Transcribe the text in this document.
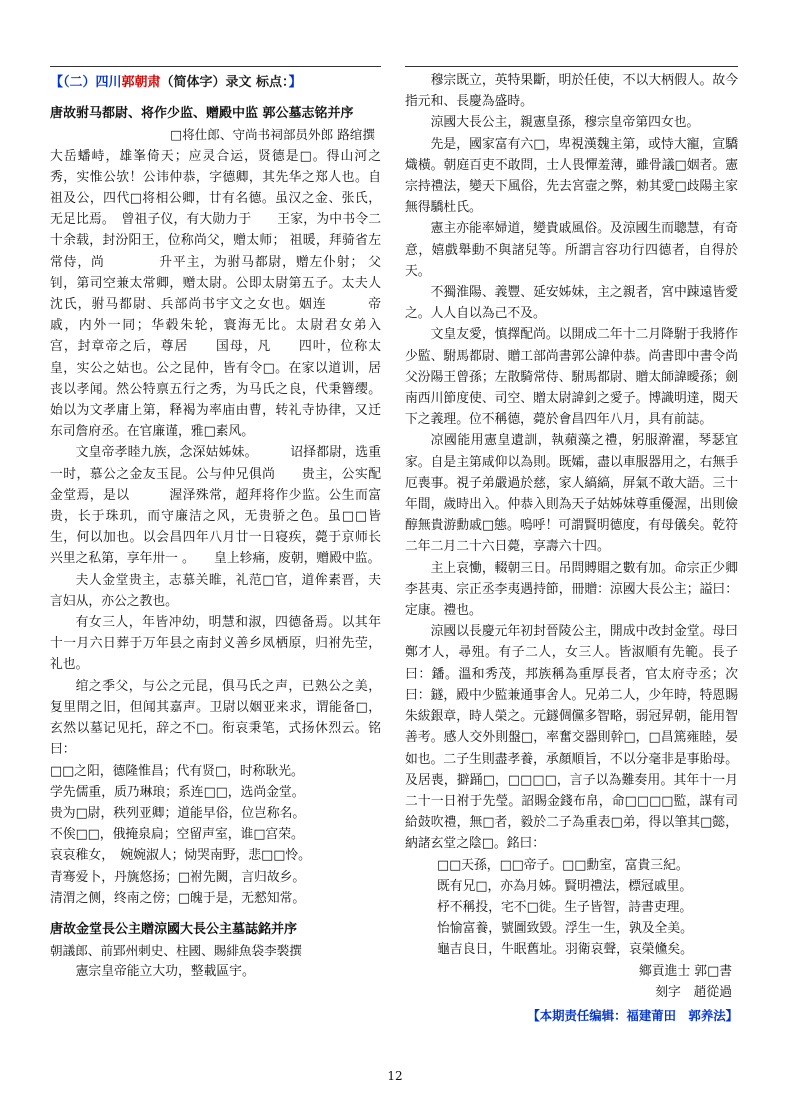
【（二）四川郭朝肃（简体字）录文 标点：】

唐故驸马都尉、将作少监、赠殿中监 郭公墓志铭并序

□将仕郎、守尚书祠部员外郎 路绾撰

大岳蟠峙，雄峯倚天；应灵合运，贤德是□。得山河之秀，实惟公欤！公讳仲恭，字德卿，其先华之郑人也。自祖及公，四代□将相公卿，廿有名德。虽汉之金、张氏，无足比焉。　曾祖子仪，有大勋力于　　王家，为中书令二十余载，封汾阳王，位称尚父，赠太师； 祖暖，拜骑省左常侍，尚　　　　升平主，为驸马都尉，赠左仆射； 父钊，第司空兼太常卿，赠太尉。公即太尉第五子。太夫人沈氏，驸马都尉、兵部尚书宇文之女也。姻连　　　帝戚，内外一同；华毂朱轮，寰海无比。太尉君女弟入　　　　宫，封章帝之后，尊居　　国母，凡　　四叶，位称太皇，实公之姑也。公之昆仲，皆有令□。在家以道训，居丧以孝闻。然公特禀五行之秀，为马氏之良，代秉簪缨。始以为文孝庸上第，释褐为率庙由曹，转礼寺协律，又迁东司詹府丞。在官廉谨，雅□素风。

文皇帝孝睦九族，念深姑姊妹。　　　诏择都尉，选重一时，慕公之金友玉昆。公与仲兄俱尚　　贵主，公实配金堂焉，是以　　　渥泽殊常，超拜将作少监。公生而富贵，长于珠玑，而守廉洁之风，无贵骄之色。虽□□皆生，何以加也。以会昌四年八月廿一日寝疾，薨于京师长兴里之私第，享年卅一 。　　皇上轸痛，废朝，赠殿中监。

夫人金堂贵主，志慕关睢，礼范□官，道侔素晋，夫言妇从，亦公之教也。

有女三人，年皆冲幼，明慧和淑，四德备焉。以其年十一月六日葬于万年县之南封义善乡凤栖原，归祔先茔，礼也。

绾之季父，与公之元昆，俱马氏之声，已熟公之美，复里閈之旧，但闻其嘉声。卫尉以姻亚来求，谓能备□，玄然以墓记见托，辞之不□。衔哀秉笔，式扬休烈云。铭曰：

□□之阳，德隆惟昌；代有贤□，时称耿光。

学先儒重，质乃琳琅；系连□□，选尚金堂。

贵为□尉，秩列亚卿；道能早俗，位岂称名。

不俟□□，俄掩泉扃；空留声室，谁□宫荣。

哀哀稚女，　婉婉淑人；恸哭南野，悲□□怜。

青骞爱卜，丹旐悠扬；□祔先闕，言归故乡。

清渭之侧，终南之傍；□魄于是，无憖知常。

唐故金堂長公主贈涼國大長公主墓誌銘并序

朝議郎、前郢州刺史、柱國、賜緋魚袋李褧撰

憲宗皇帝能立大功，整載區宇。

穆宗既立，英特果斷，明於任使，不以大柄假人。故今指元和、長慶為盛時。

涼國大長公主，親憲皇孫，穆宗皇帝第四女也。

先是，國家富有六□，卑視漢魏主第，或恃大寵，宣驕熾橫。朝庭百吏不敢問，士人畏憚羞薄，雖骨議□姻者。憲宗持禮法，變天下風俗，先去宮壼之弊，勑其愛□歧陽主家無得驕杜氏。

憲主亦能率婦道，變貴戚風俗。及涼國生而聰慧，有奇意，嬉戲舉動不與諸兒等。所謂言容功行四德者，自得於天。

不獨淮陽、義豐、延安姊妹，主之親者，宮中踈遠皆愛之。人人自以為己不及。

文皇友愛，慎擇配尚。以開成二年十二月降駙于我將作少監、駙馬都尉、贈工部尚書郭公諱仲恭。尚書即中書令尚父汾陽王曾孫；左散騎常侍、駙馬都尉、贈太師諱曖孫；劍南西川節度使、司空、贈太尉諱釗之愛子。博識明達，閱天下之義理。位不稱德，薨於會昌四年八月，具有前誌。

凉國能用憲皇遺訓，執蘋藻之禮，躬服澣濯，琴瑟宜家。自是主第咸仰以為則。既孀，盡以車服器用之，右無手厄喪事。視子弟嚴過於慈，家人縞縞，屏氣不敢大語。三十年間，歲時出入。仲恭入則為天子姑姊妹尊重優渥，出則儉醇無貴游勳戚□態。嗚呼！可謂賢明德度，有母儀矣。乾符二年二月二十六日薨，享壽六十四。

主上哀慟，輟朝三日。吊問賻賵之數有加。命宗正少卿李甚夷、宗正丞李夷遇持節，冊贈：涼國大長公主；謚曰：定康。禮也。

涼國以長慶元年初封晉陵公主，開成中改封金堂。母曰鄭才人，尋殂。有子二人，女三人。皆淑順有先範。長子曰：鐇。溫和秀茂，邦族稱為重厚長者，官太府寺丞；次曰：鐩，殿中少監兼通事舍人。兄弟二人，少年時，特恩賜朱紱銀章，時人榮之。元鐩倜儻多智略，弱冠昇朝，能用智善考。感人交外則盤□，率奮交器則幹□，□昌篤雍睦，晏如也。二子生則盡孝養，承顏順旨，不以分毫非是事貽母。及居喪，擗踊□，□□□□，言子以為難奏用。其年十一月二十一日祔于先瑩。詔賜金錢布帛，命□□□□監，謀有司給鼓吹禮，無□者，毅於二子為重表□弟，得以筆其□懿，納諸玄堂之陰□。銘曰：

□□天孫，□□帝子。□□勳室，富貴三紀。

既有兄□，亦為月姊。賢明禮法，標冠戚里。

杼不稱投，宅不□徙。生子皆智，詩書吏理。

怡愉富養，號圖致毀。浮生一生，孰及全美。

龜吉良日，牛眠舊址。羽衛哀聲，哀榮儵矣。

鄉貢進士 郭□書

刻字　趙從過

【本期责任编辑：福建莆田　郭养法】
12
